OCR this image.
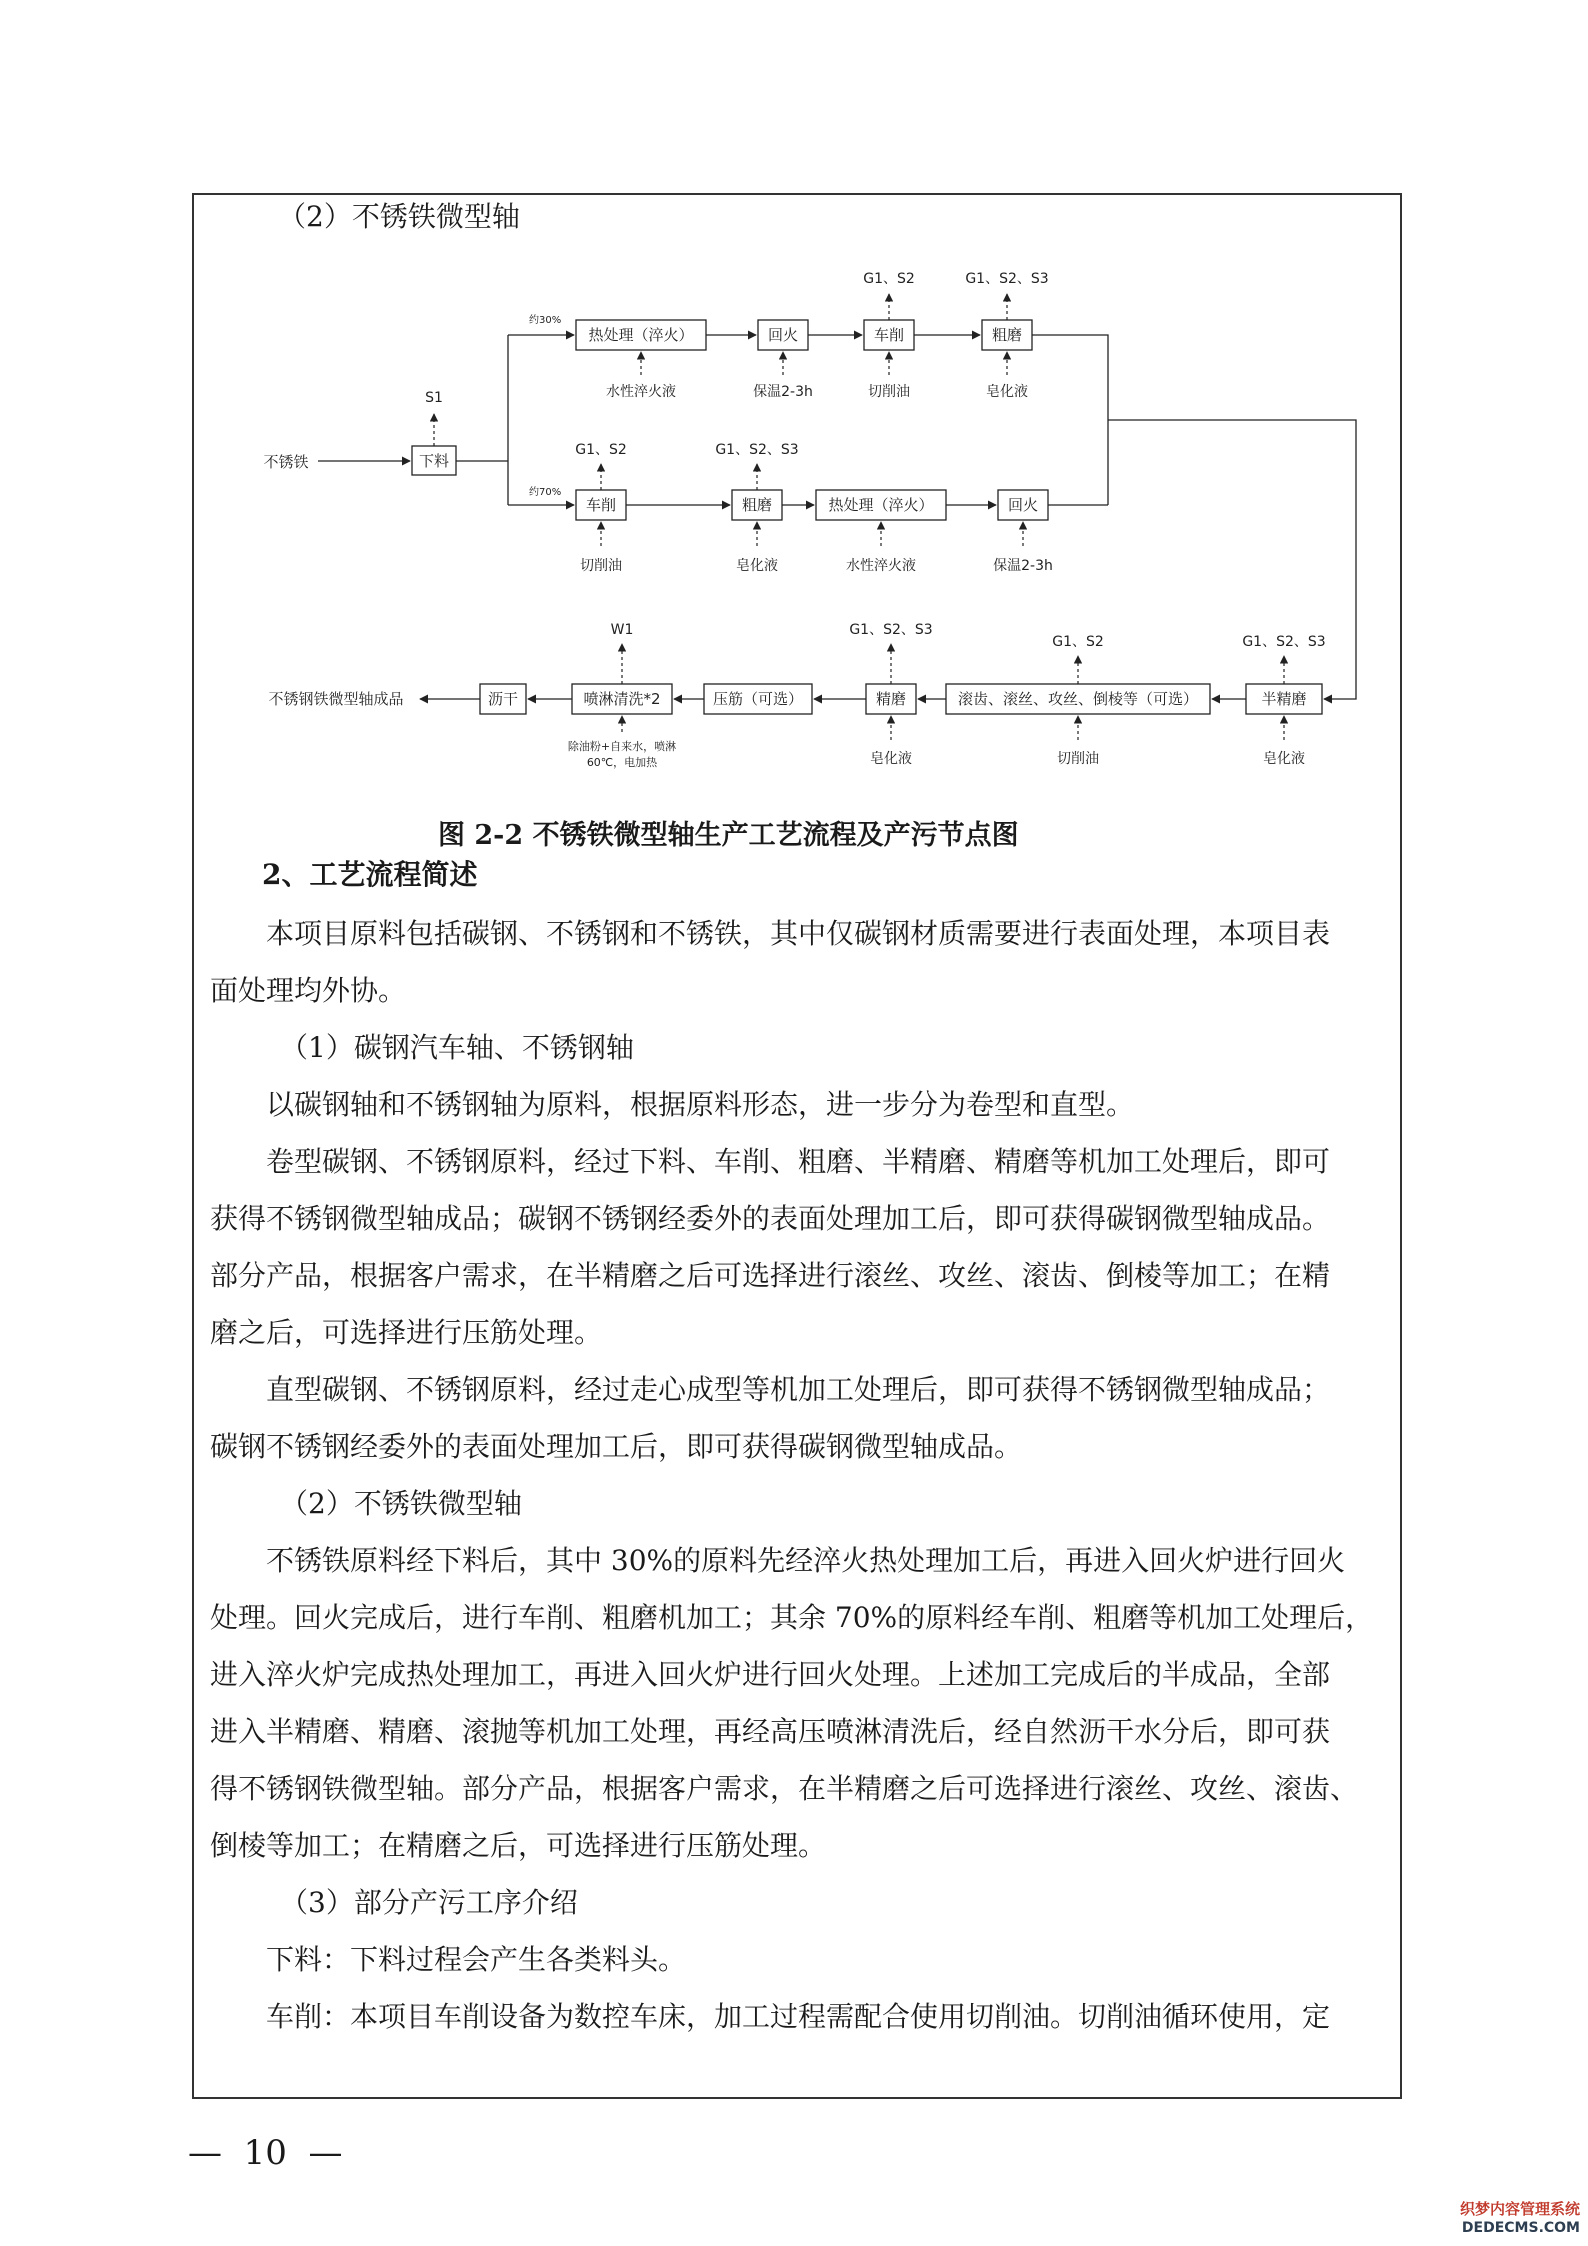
（2）不锈铁微型轴
不锈铁	下料
S1
约30%
约70%
热处理（淬火）	回火	车削	粗磨
水性淬火液	保温2-3h	切削油	皂化液
G1、S2	G1、S2、S3
车削	粗磨	热处理（淬火）	回火
G1、S2	G1、S2、S3
切削油	皂化液	水性淬火液	保温2-3h
半精磨
滚齿、滚丝、攻丝、倒棱等（可选）
精磨
压筋（可选）
喷淋清洗*2
沥干
不锈钢铁微型轴成品
G1、S2、S3
G1、S2
G1、S2、S3
W1
皂化液
切削油
皂化液
除油粉+自来水，喷淋
60℃，电加热

图 2-2 不锈铁微型轴生产工艺流程及产污节点图

2、工艺流程简述

本项目原料包括碳钢、不锈钢和不锈铁，其中仅碳钢材质需要进行表面处理，本项目表
面处理均外协。

（1）碳钢汽车轴、不锈钢轴

以碳钢轴和不锈钢轴为原料，根据原料形态，进一步分为卷型和直型。

卷型碳钢、不锈钢原料，经过下料、车削、粗磨、半精磨、精磨等机加工处理后，即可
获得不锈钢微型轴成品；碳钢不锈钢经委外的表面处理加工后，即可获得碳钢微型轴成品。
部分产品，根据客户需求，在半精磨之后可选择进行滚丝、攻丝、滚齿、倒棱等加工；在精
磨之后，可选择进行压筋处理。

直型碳钢、不锈钢原料，经过走心成型等机加工处理后，即可获得不锈钢微型轴成品；
碳钢不锈钢经委外的表面处理加工后，即可获得碳钢微型轴成品。

（2）不锈铁微型轴

不锈铁原料经下料后，其中 30%的原料先经淬火热处理加工后，再进入回火炉进行回火
处理。回火完成后，进行车削、粗磨机加工；其余 70%的原料经车削、粗磨等机加工处理后，
进入淬火炉完成热处理加工，再进入回火炉进行回火处理。上述加工完成后的半成品，全部
进入半精磨、精磨、滚抛等机加工处理，再经高压喷淋清洗后，经自然沥干水分后，即可获
得不锈钢铁微型轴。部分产品，根据客户需求，在半精磨之后可选择进行滚丝、攻丝、滚齿、
倒棱等加工；在精磨之后，可选择进行压筋处理。

（3）部分产污工序介绍

下料：下料过程会产生各类料头。

车削：本项目车削设备为数控车床，加工过程需配合使用切削油。切削油循环使用，定

—  10  —
织梦内容管理系统
DEDECMS.COM
